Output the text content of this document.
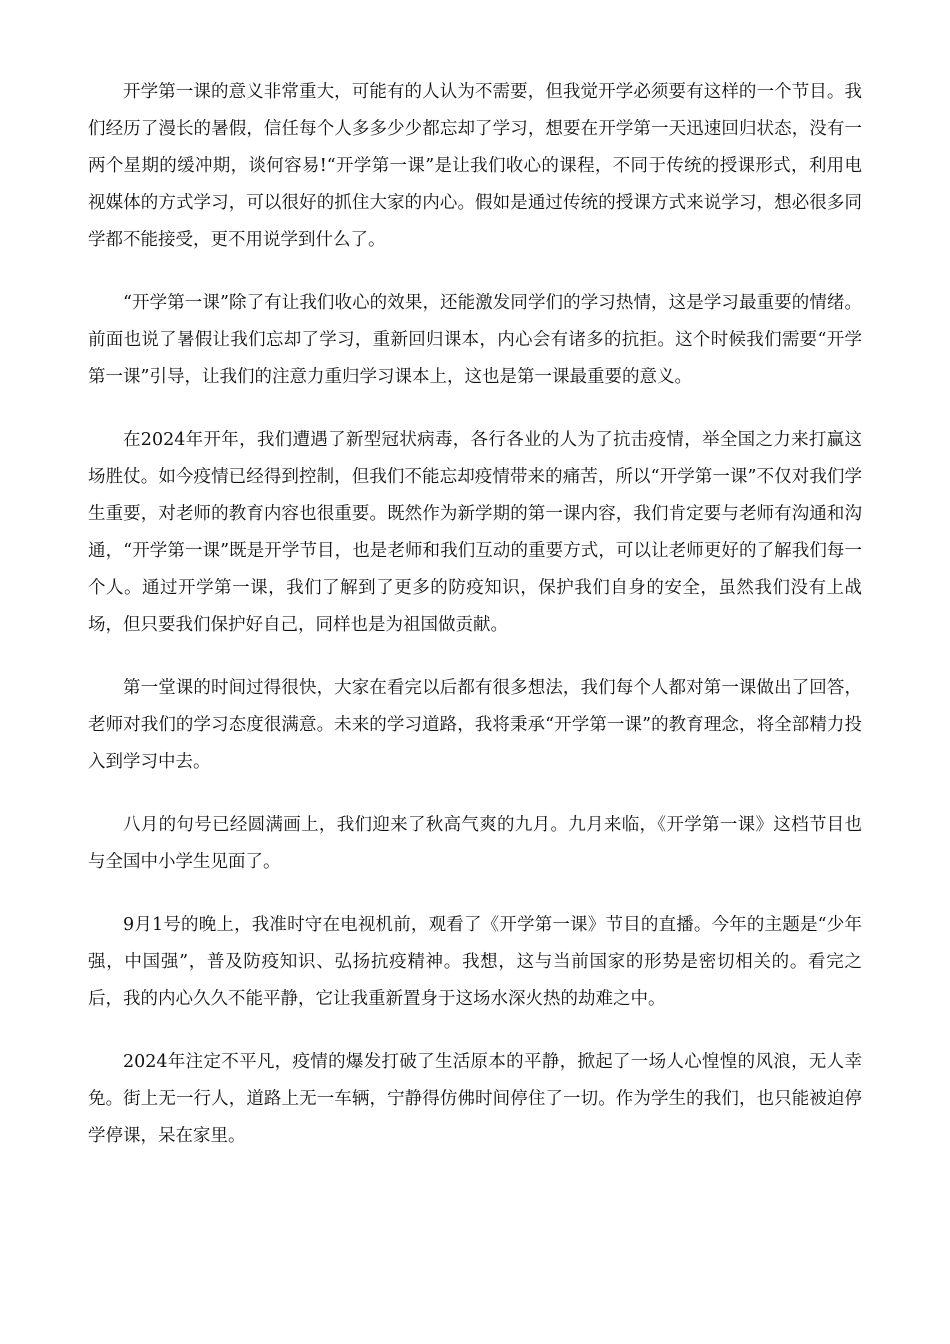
开学第一课的意义非常重大，可能有的人认为不需要，但我觉开学必须要有这样的一个节目。我们经历了漫长的暑假，信任每个人多多少少都忘却了学习，想要在开学第一天迅速回归状态，没有一两个星期的缓冲期，谈何容易!“开学第一课”是让我们收心的课程，不同于传统的授课形式，利用电视媒体的方式学习，可以很好的抓住大家的内心。假如是通过传统的授课方式来说学习，想必很多同学都不能接受，更不用说学到什么了。

“开学第一课”除了有让我们收心的效果，还能激发同学们的学习热情，这是学习最重要的情绪。前面也说了暑假让我们忘却了学习，重新回归课本，内心会有诸多的抗拒。这个时候我们需要“开学第一课”引导，让我们的注意力重归学习课本上，这也是第一课最重要的意义。

在2024年开年，我们遭遇了新型冠状病毒，各行各业的人为了抗击疫情，举全国之力来打赢这场胜仗。如今疫情已经得到控制，但我们不能忘却疫情带来的痛苦，所以“开学第一课”不仅对我们学生重要，对老师的教育内容也很重要。既然作为新学期的第一课内容，我们肯定要与老师有沟通和沟通，“开学第一课”既是开学节目，也是老师和我们互动的重要方式，可以让老师更好的了解我们每一个人。通过开学第一课，我们了解到了更多的防疫知识，保护我们自身的安全，虽然我们没有上战场，但只要我们保护好自己，同样也是为祖国做贡献。

第一堂课的时间过得很快，大家在看完以后都有很多想法，我们每个人都对第一课做出了回答，老师对我们的学习态度很满意。未来的学习道路，我将秉承“开学第一课”的教育理念，将全部精力投入到学习中去。

八月的句号已经圆满画上，我们迎来了秋高气爽的九月。九月来临，《开学第一课》这档节目也与全国中小学生见面了。

9月1号的晚上，我准时守在电视机前，观看了《开学第一课》节目的直播。今年的主题是“少年强，中国强”，普及防疫知识、弘扬抗疫精神。我想，这与当前国家的形势是密切相关的。看完之后，我的内心久久不能平静，它让我重新置身于这场水深火热的劫难之中。

2024年注定不平凡，疫情的爆发打破了生活原本的平静，掀起了一场人心惶惶的风浪，无人幸免。街上无一行人，道路上无一车辆，宁静得仿佛时间停住了一切。作为学生的我们，也只能被迫停学停课，呆在家里。
